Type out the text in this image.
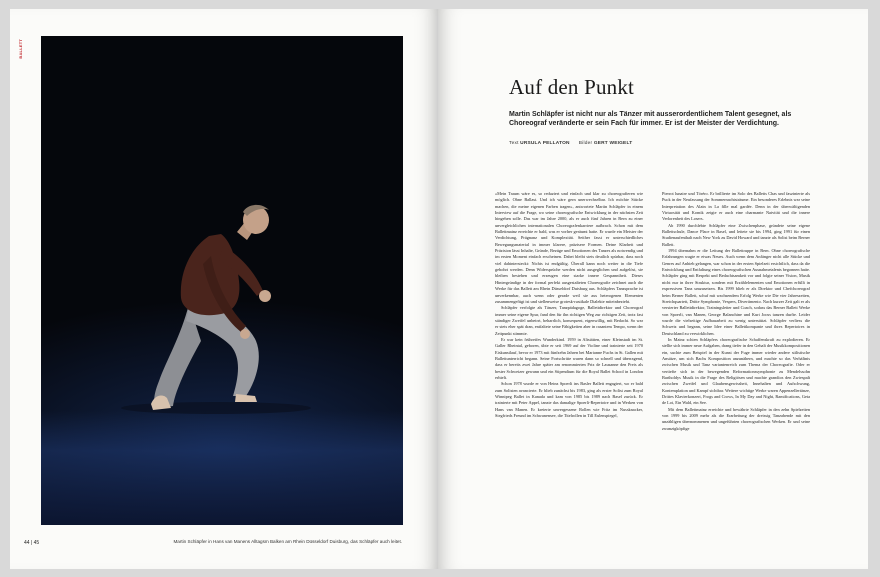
BALLETT
44 | 45	Martin Schläpfer in Hans van Manens Alltagsm Balken am Rhein Düsseldorf Duisburg, das Schläpfer auch leitet.
Auf den Punkt

Martin Schläpfer ist nicht nur als Tänzer mit ausserordentlichem Talent gesegnet, als Choreograf veränderte er sein Fach für immer. Er ist der Meister der Verdichtung.

Text URSULA PELLATON Bilder GERT WEIGELT

«Mein Traum wäre es, so reduziert und einfach und klar zu choreografieren wie möglich. Ohne Ballast. Und ich wäre gern unerwechselbar. Ich möchte Stücke machen, die meine eigenen Farben tragen», antwortete Martin Schläpfer in einem Interview auf die Frage, wo seine choreografische Entwicklung in der nächsten Zeit hingehen solle. Das war im Jahre 2000, als er auch fünf Jahren in Bern zu einer unvergleichlichen internationalen Choreografenkarriere aufbrach. Schon mit dem Ballettmainz erreichte er bald, was er vorher geräumt hatte. Er wurde ein Meister der Verdichtung, Prägnanz und Komplexität. Seither fasst er unterschiedliches Bewegungsmaterial in immer klarere, präzisere Formen. Deine Klarheit und Präzision lässt Inhalte, Gründe, Bezüge und Emotionen des Tanzes als notwendig und im ersten Moment einfach erscheinen. Dabei bleibt stets deutlich spürbar, dass noch viel dahintersteckt: Nichts ist endgültig. Überall kann noch weiter in die Tiefe gebohrt werden. Denn Widersprüche werden nicht ausgeglichen und aufgelöst, sie bleiben bestehen und erzeugen eine starke innere Gespanntheit. Dieses Hintergründige in der formal perfekt ausgestalteten Choreografie zeichnet auch die Werke für das Ballett am Rhein Düsseldorf Duisburg aus. Schläpfers Tanzsprache ist unverkennbar, auch wenn oder gerade weil sie aus heterogenen Elementen zusammengefügt ist und stellenweise grotesk-rustikale Dialekte miteinbezieht.

Schläpfer verfolgte als Tänzer, Tanzpädagoge, Ballettdirektor und Choreograf immer seine eigene Spur, fand den für ihn richtigen Weg zur richtigen Zeit, trotz fast ständiger Zweifel unbeirrt, beharrlich, konsequent, eigenwillig, mit Bedacht. So war er stets eher spät dran, entfaltete seine Fähigkeiten aber in rasantem Tempo, wenn der Zeitpunkt stimmte.

Er war kein frühreifes Wunderkind. 1959 in Altstätten, einer Kleinstadt im St. Galler Rheintal, geboren, übte er seit 1969 auf der Violine und trainierte seit 1970 Eiskunstlauf, bevor er 1973 mit fünfzehn Jahren bei Marianne Fuchs in St. Gallen mit Ballettunterricht begann. Seine Fortschritte waren dann so schnell und überragend, dass er bereits zwei Jahre später am renommierten Prix de Lausanne den Preis als bester Schweizer gewann und ein Stipendium für die Royal Ballet School in London erhielt.

Schon 1978 wurde er von Heinz Spoerli ins Basler Ballett engagiert, wo er bald zum Solisten avancierte. Er blieb zunächst bis 1983, ging als erster Solist zum Royal Winnipeg Ballet in Kanada und kam von 1985 bis 1989 nach Basel zurück. Er trainierte mit Peter Appel, tanzte das damalige Spoerli-Repertoire und in Werken von Hans van Manen. Er kreierte unvergessene Rollen wie Fritz im Nussknacker, Siegfrieds Freund im Schwanensee, die Titelrollen in Till Eulenspiegel,

Pierrot lunaire und Töréro. Er brillierte im Solo des Balletts Chas und faszinierte als Puck in der Neufassung der Sommernachtsträume. Ein besonderes Erlebnis war seine Interpretation des Alain in La fille mal gardée. Denn in der überwältigenden Virtuosität und Komik zeigte er auch eine charmante Naivität und die innere Verlorenheit des Losers.

Ab 1990 durchlebte Schläpfer eine Zwischenphase, gründete seine eigene Ballettschule, Dance Place in Basel, und leitete sie bis 1994, ging 1991 für einen Studienaufenthalt nach New York zu David Howard und tanzte als Solist beim Berner Ballett.

1994 übernahm er die Leitung der Ballettruppe in Bern. Ohne choreografische Erfahrungen wagte er etwas Neues. Auch wenn dem Anfänger nicht alle Stücke und Genres auf Anhieb gelangen, war schon in der ersten Spielzeit ersichtlich, dass da die Entwicklung und Entfaltung eines choreografischen Ausnahmetalents begonnen hatte. Schläpfer ging mit Respekt und Bedachtsamkeit vor und folgte seiner Vision, Musik nicht nur in ihrer Struktur, sondern mit Erzählelementen und Emotionen erfüllt in expressiven Tanz umzusetzen. Bis 1999 blieb er als Direktor und Chefchoreograf beim Berner Ballett, schuf mit wachsendem Erfolg Werke wie Die vier Jahreszeiten, Streichquartett, Dritte Symphonie, Vespers, Divertimento. Nach kurzer Zeit galt er als versierter Ballettdirektor, Trainingsleiter und Coach, sodass das Berner Ballett Werke von Spoerli, van Manen, George Balanchine und Kurt Jooss tanzen durfte. Leider wurde die vielseitige Aufbauarbeit zu wenig unterstützt. Schläpfer verliess die Schweiz und begann, seine Idee einer Ballettkompanie und ihres Repertoires in Deutschland zu verwirklichen.

In Mainz schien Schläpfers choreografische Schaffenskraft zu explodieren. Er stellte sich immer neue Aufgaben, drang tiefer in den Gehalt der Musikkompositionen ein, suchte zum Beispiel in der Kunst der Fuge immer wieder andere stilistische Ansätze, um sich Bachs Komposition anzunähern, und machte so das Verhältnis zwischen Musik und Tanz variantenreich zum Thema der Choreografie. Oder er vertiefte sich in der bewegenden Reformationssymphonie zu Mendelssohn Bartholdys Musik in die Frage des Religiösen und machte grandios den Zwiespalt zwischen Zweifel und Glaubensgewissheit, Innehalten und Aufschwung, Kontemplation und Kampf sichtbar. Weitere wichtige Werke waren Appenzellertänze, Drittes Klavierkonzert, Frogs and Crows, In My Day and Night, Ramifications, Geta de Loi, Ein Wald, ein See.

Mit dem Ballettmainz erreichte und bewährte Schläpfer in den zehn Spielzeiten von 1999 bis 2009 mehr als die Erarbeitung der dreissig Tanzabende mit den unzähligen übernommenen und ungeführten choreografischen Werken. Er und seine zwanzigköpfige
